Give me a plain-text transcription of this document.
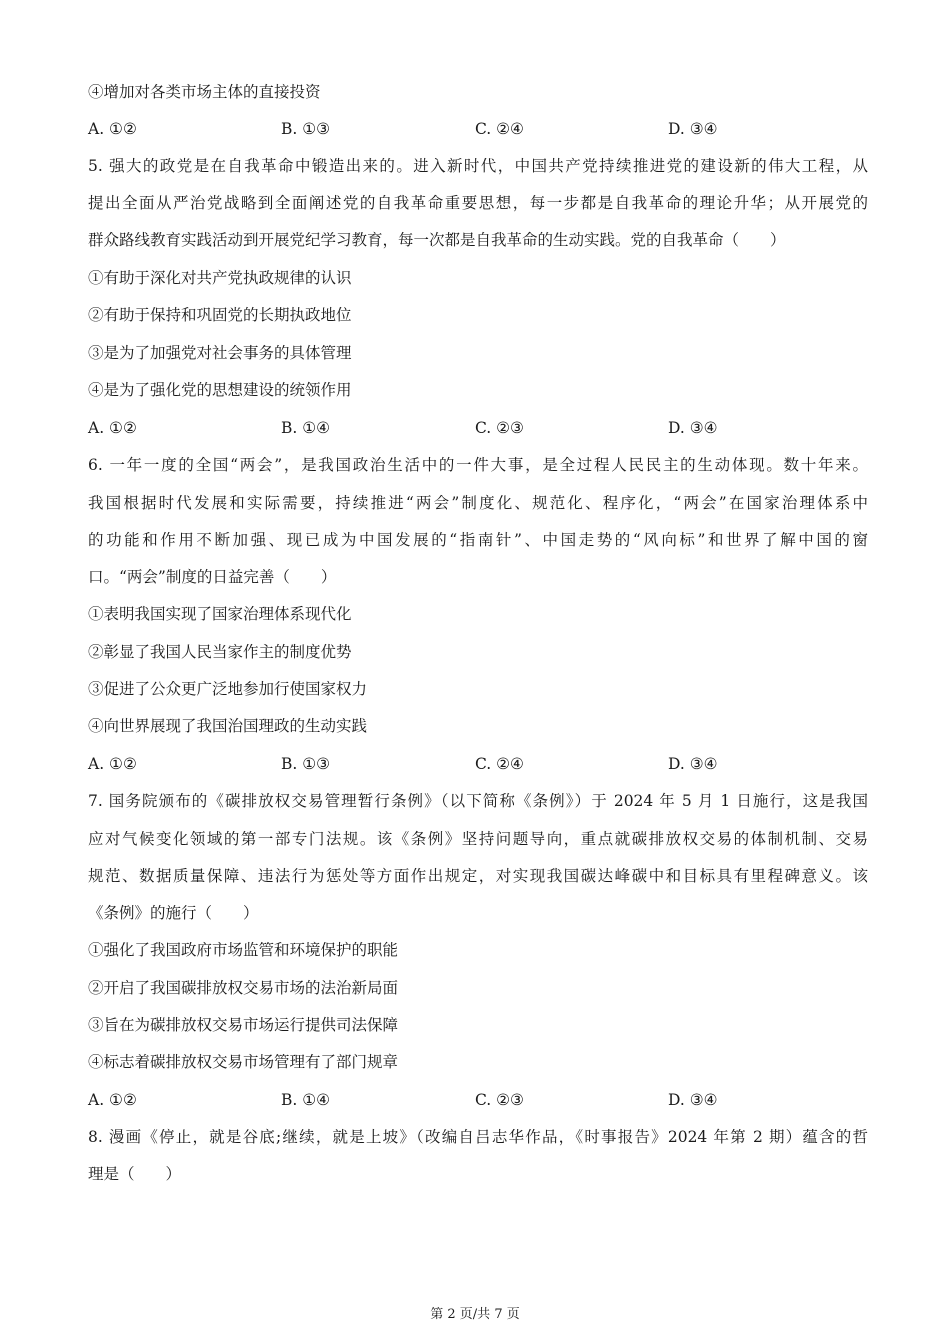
④增加对各类市场主体的直接投资
A. ①②	B. ①③	C. ②④	D. ③④
5. 强大的政党是在自我革命中锻造出来的。进入新时代，中国共产党持续推进党的建设新的伟大工程，从
提出全面从严治党战略到全面阐述党的自我革命重要思想，每一步都是自我革命的理论升华；从开展党的
群众路线教育实践活动到开展党纪学习教育，每一次都是自我革命的生动实践。党的自我革命（　　）
①有助于深化对共产党执政规律的认识
②有助于保持和巩固党的长期执政地位
③是为了加强党对社会事务的具体管理
④是为了强化党的思想建设的统领作用
A. ①②	B. ①④	C. ②③	D. ③④
6. 一年一度的全国“两会”，是我国政治生活中的一件大事，是全过程人民民主的生动体现。数十年来。
我国根据时代发展和实际需要，持续推进“两会”制度化、规范化、程序化，“两会”在国家治理体系中
的功能和作用不断加强、现已成为中国发展的“指南针”、中国走势的“风向标”和世界了解中国的窗
口。“两会”制度的日益完善（　　）
①表明我国实现了国家治理体系现代化
②彰显了我国人民当家作主的制度优势
③促进了公众更广泛地参加行使国家权力
④向世界展现了我国治国理政的生动实践
A. ①②	B. ①③	C. ②④	D. ③④
7. 国务院颁布的《碳排放权交易管理暂行条例》（以下简称《条例》）于 2024 年 5 月 1 日施行，这是我国
应对气候变化领域的第一部专门法规。该《条例》坚持问题导向，重点就碳排放权交易的体制机制、交易
规范、数据质量保障、违法行为惩处等方面作出规定，对实现我国碳达峰碳中和目标具有里程碑意义。该
《条例》的施行（　　）
①强化了我国政府市场监管和环境保护的职能
②开启了我国碳排放权交易市场的法治新局面
③旨在为碳排放权交易市场运行提供司法保障
④标志着碳排放权交易市场管理有了部门规章
A. ①②	B. ①④	C. ②③	D. ③④
8. 漫画《停止，就是谷底;继续，就是上坡》（改编自吕志华作品，《时事报告》2024 年第 2 期）蕴含的哲
理是（　　）
第 2 页/共 7 页
